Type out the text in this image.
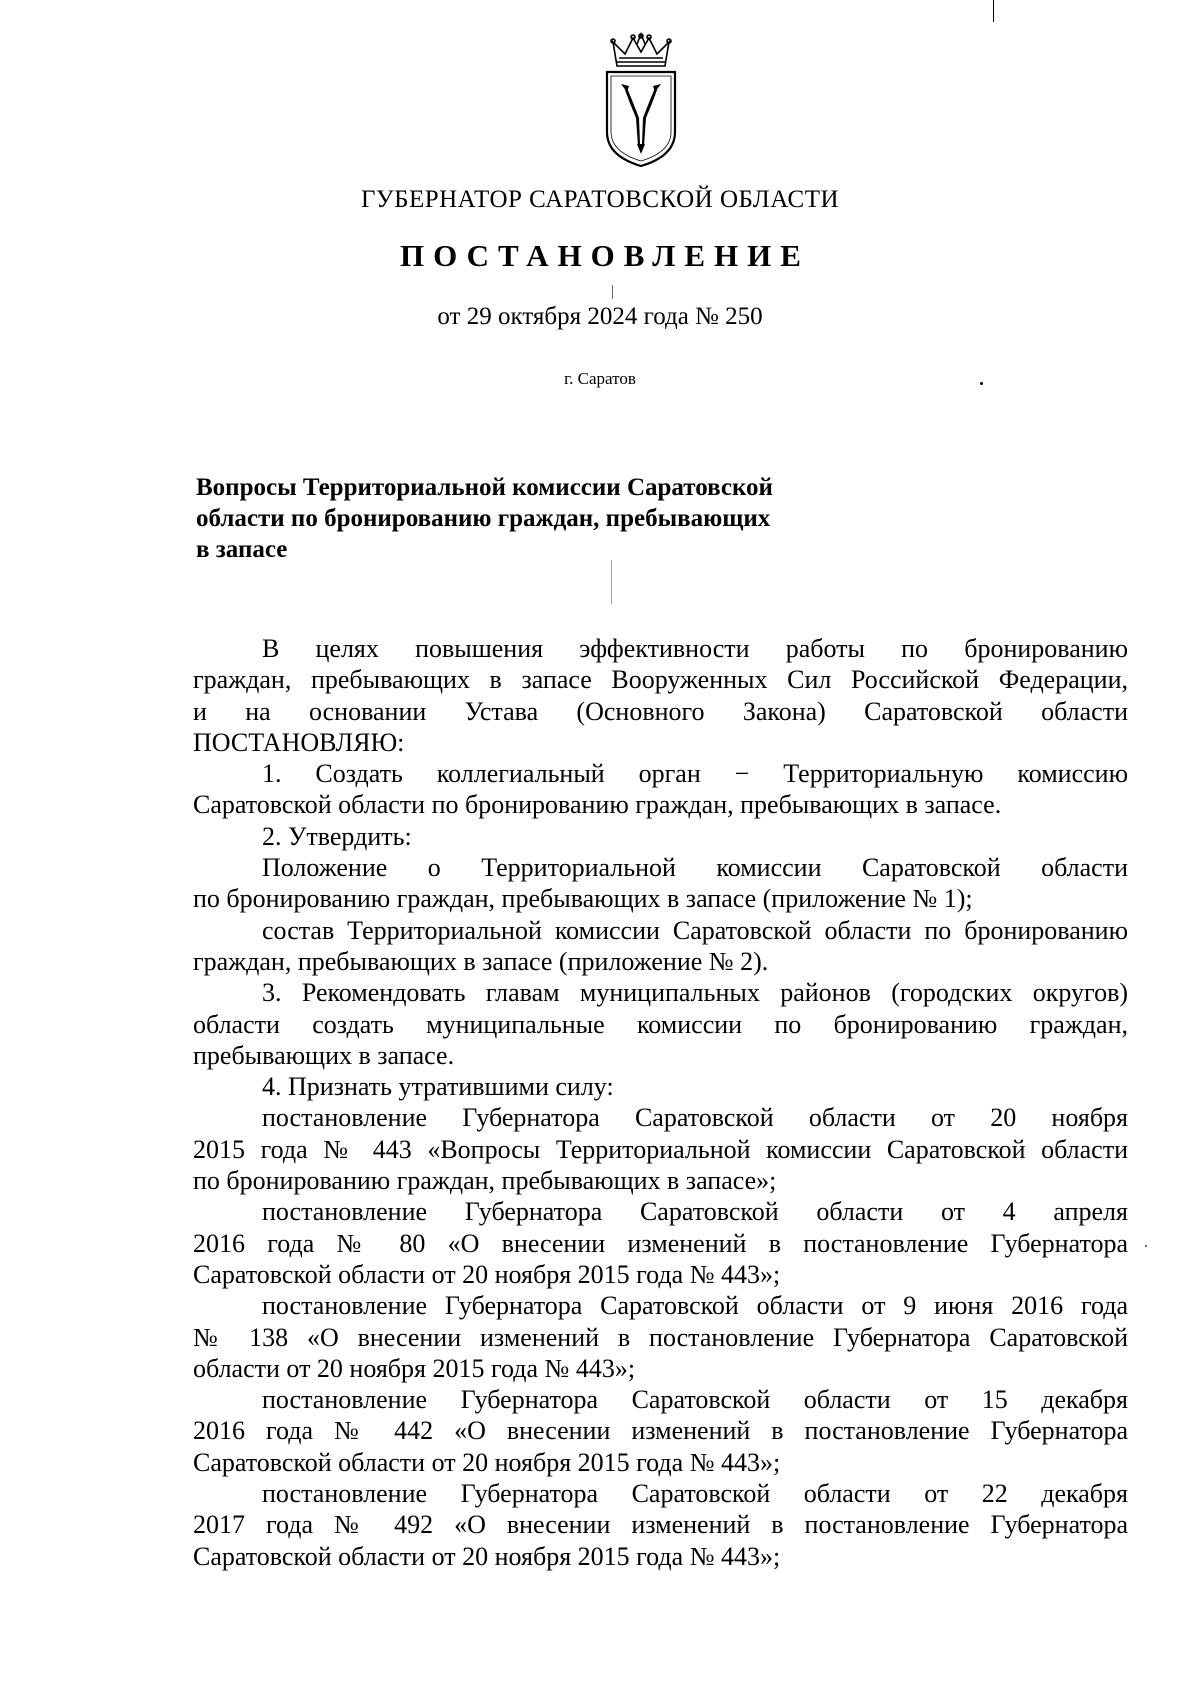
ГУБЕРНАТОР САРАТОВСКОЙ ОБЛАСТИ
ПОСТАНОВЛЕНИЕ
от 29 октября 2024 года № 250
г. Саратов
Вопросы Территориальной комиссии Саратовской
области по бронированию граждан, пребывающих
в запасе
В целях повышения эффективности работы по бронированию
граждан, пребывающих в запасе Вооруженных Сил Российской Федерации,
и на основании Устава (Основного Закона) Саратовской области
ПОСТАНОВЛЯЮ:
1. Создать коллегиальный орган − Территориальную комиссию
Саратовской области по бронированию граждан, пребывающих в запасе.
2. Утвердить:
Положение о Территориальной комиссии Саратовской области
по бронированию граждан, пребывающих в запасе (приложение № 1);
состав Территориальной комиссии Саратовской области по бронированию
граждан, пребывающих в запасе (приложение № 2).
3. Рекомендовать главам муниципальных районов (городских округов)
области создать муниципальные комиссии по бронированию граждан,
пребывающих в запасе.
4. Признать утратившими силу:
постановление Губернатора Саратовской области от 20 ноября
2015 года № 443 «Вопросы Территориальной комиссии Саратовской области
по бронированию граждан, пребывающих в запасе»;
постановление Губернатора Саратовской области от 4 апреля
2016 года № 80 «О внесении изменений в постановление Губернатора
Саратовской области от 20 ноября 2015 года № 443»;
постановление Губернатора Саратовской области от 9 июня 2016 года
№ 138 «О внесении изменений в постановление Губернатора Саратовской
области от 20 ноября 2015 года № 443»;
постановление Губернатора Саратовской области от 15 декабря
2016 года № 442 «О внесении изменений в постановление Губернатора
Саратовской области от 20 ноября 2015 года № 443»;
постановление Губернатора Саратовской области от 22 декабря
2017 года № 492 «О внесении изменений в постановление Губернатора
Саратовской области от 20 ноября 2015 года № 443»;
